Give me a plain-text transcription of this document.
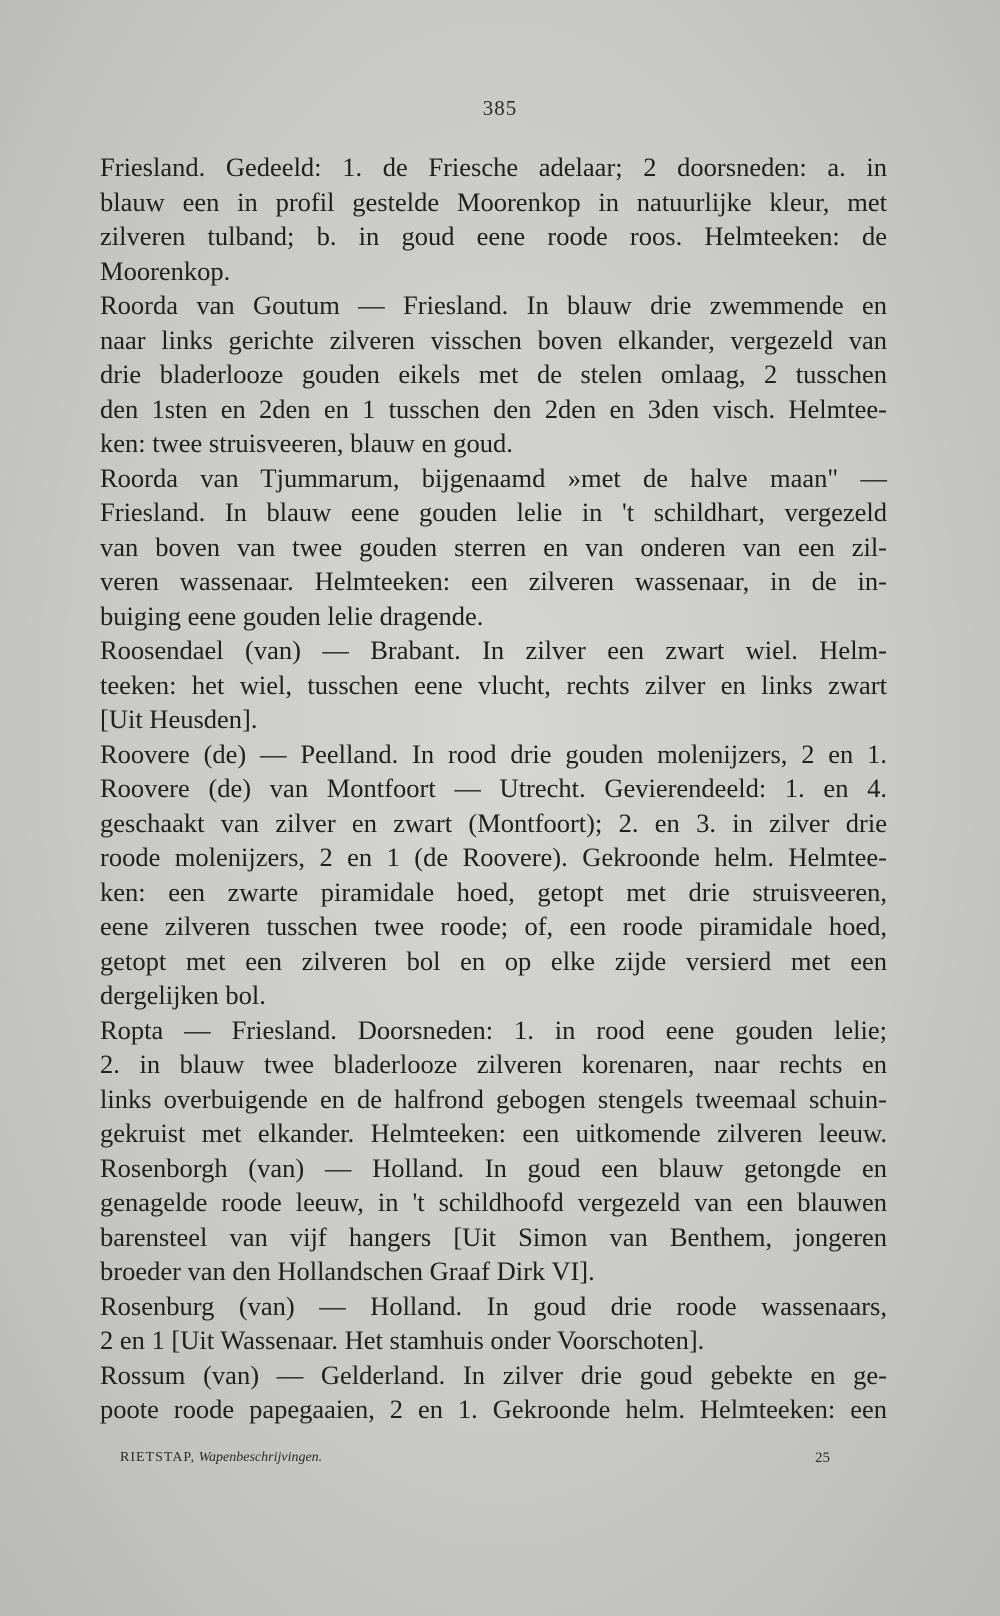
385
Friesland. Gedeeld: 1. de Friesche adelaar; 2 doorsneden: a. in
blauw een in profil gestelde Moorenkop in natuurlijke kleur, met
zilveren tulband; b. in goud eene roode roos. Helmteeken: de
Moorenkop.
Roorda van Goutum — Friesland. In blauw drie zwemmende en
naar links gerichte zilveren visschen boven elkander, vergezeld van
drie bladerlooze gouden eikels met de stelen omlaag, 2 tusschen
den 1sten en 2den en 1 tusschen den 2den en 3den visch. Helmtee-
ken: twee struisveeren, blauw en goud.
Roorda van Tjummarum, bijgenaamd »met de halve maan" —
Friesland. In blauw eene gouden lelie in 't schildhart, vergezeld
van boven van twee gouden sterren en van onderen van een zil-
veren wassenaar. Helmteeken: een zilveren wassenaar, in de in-
buiging eene gouden lelie dragende.
Roosendael (van) — Brabant. In zilver een zwart wiel. Helm-
teeken: het wiel, tusschen eene vlucht, rechts zilver en links zwart
[Uit Heusden].
Roovere (de) — Peelland. In rood drie gouden molenijzers, 2 en 1.
Roovere (de) van Montfoort — Utrecht. Gevierendeeld: 1. en 4.
geschaakt van zilver en zwart (Montfoort); 2. en 3. in zilver drie
roode molenijzers, 2 en 1 (de Roovere). Gekroonde helm. Helmtee-
ken: een zwarte piramidale hoed, getopt met drie struisveeren,
eene zilveren tusschen twee roode; of, een roode piramidale hoed,
getopt met een zilveren bol en op elke zijde versierd met een
dergelijken bol.
Ropta — Friesland. Doorsneden: 1. in rood eene gouden lelie;
2. in blauw twee bladerlooze zilveren korenaren, naar rechts en
links overbuigende en de halfrond gebogen stengels tweemaal schuin-
gekruist met elkander. Helmteeken: een uitkomende zilveren leeuw.
Rosenborgh (van) — Holland. In goud een blauw getongde en
genagelde roode leeuw, in 't schildhoofd vergezeld van een blauwen
barensteel van vijf hangers [Uit Simon van Benthem, jongeren
broeder van den Hollandschen Graaf Dirk VI].
Rosenburg (van) — Holland. In goud drie roode wassenaars,
2 en 1 [Uit Wassenaar. Het stamhuis onder Voorschoten].
Rossum (van) — Gelderland. In zilver drie goud gebekte en ge-
poote roode papegaaien, 2 en 1. Gekroonde helm. Helmteeken: een
RIETSTAP, Wapenbeschrijvingen.	25
